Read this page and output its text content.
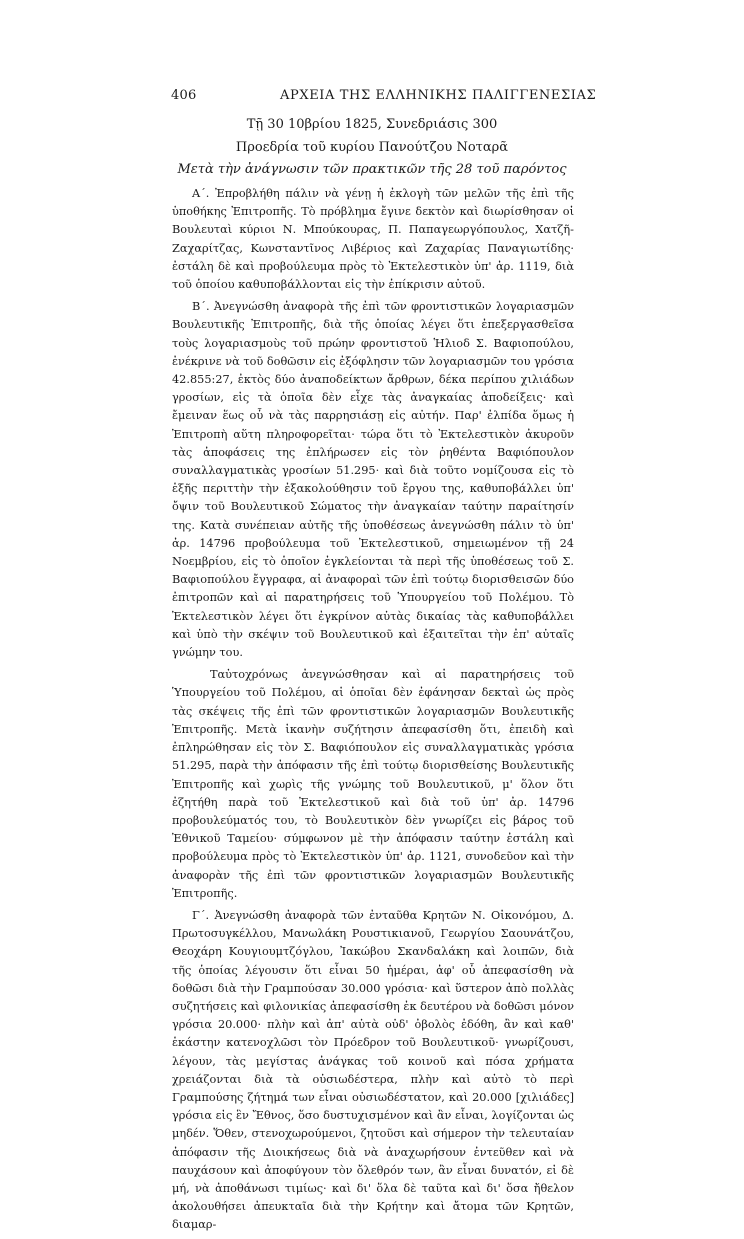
406	ΑΡΧΕΙΑ ΤΗΣ ΕΛΛΗΝΙΚΗΣ ΠΑΛΙΓΓΕΝΕΣΙΑΣ
Τῇ 30 10βρίου 1825, Συνεδριάσις 300
Προεδρία τοῦ κυρίου Πανούτζου Νοταρᾶ
Μετὰ τὴν ἀνάγνωσιν τῶν πρακτικῶν τῆς 28 τοῦ παρόντος

Α΄. Ἐπροβλήθη πάλιν νὰ γένῃ ἡ ἐκλογὴ τῶν μελῶν τῆς ἐπὶ τῆς ὑποθήκης Ἐπιτροπῆς. Τὸ πρόβλημα ἔγινε δεκτὸν καὶ διωρίσθησαν οἱ Βουλευταὶ κύριοι Ν. Μπούκουρας, Π. Παπαγεωργόπουλος, Χατζῆ-Ζαχαρίτζας, Κωνσταντῖνος Λιβέριος καὶ Ζαχαρίας Παναγιωτίδης· ἐστάλη δὲ καὶ προβούλευμα πρὸς τὸ Ἐκτελεστικὸν ὑπ' ἀρ. 1119, διὰ τοῦ ὁποίου καθυποβάλλονται εἰς τὴν ἐπίκρισιν αὐτοῦ.

Β΄. Ἀνεγνώσθη ἀναφορὰ τῆς ἐπὶ τῶν φροντιστικῶν λογαριασμῶν Βουλευτικῆς Ἐπιτροπῆς, διὰ τῆς ὁποίας λέγει ὅτι ἐπεξεργασθεῖσα τοὺς λογαριασμοὺς τοῦ πρώην φροντιστοῦ Ἡλιοδ Σ. Βαφιοπούλου, ἐνέκρινε νὰ τοῦ δοθῶσιν εἰς ἐξόφλησιν τῶν λογαριασμῶν του γρόσια 42.855:27, ἐκτὸς δύο ἀναποδείκτων ἄρθρων, δέκα περίπου χιλιάδων γροσίων, εἰς τὰ ὁποῖα δὲν εἶχε τὰς ἀναγκαίας ἀποδείξεις· καὶ ἔμειναν ἕως οὗ νὰ τὰς παρρησιάσῃ εἰς αὐτήν. Παρ' ἐλπίδα ὅμως ἡ Ἐπιτροπὴ αὕτη πληροφορεῖται· τώρα ὅτι τὸ Ἐκτελεστικὸν ἀκυροῦν τὰς ἀποφάσεις της ἐπλήρωσεν εἰς τὸν ῥηθέντα Βαφιόπουλον συναλλαγματικὰς γροσίων 51.295· καὶ διὰ τοῦτο νομίζουσα εἰς τὸ ἑξῆς περιττὴν τὴν ἐξακολούθησιν τοῦ ἔργου της, καθυποβάλλει ὑπ' ὄψιν τοῦ Βουλευτικοῦ Σώματος τὴν ἀναγκαίαν ταύτην παραίτησίν της. Κατὰ συνέπειαν αὐτῆς τῆς ὑποθέσεως ἀνεγνώσθη πάλιν τὸ ὑπ' ἀρ. 14796 προβούλευμα τοῦ Ἐκτελεστικοῦ, σημειωμένον τῇ 24 Νοεμβρίου, εἰς τὸ ὁποῖον ἐγκλείονται τὰ περὶ τῆς ὑποθέσεως τοῦ Σ. Βαφιοπούλου ἔγγραφα, αἱ ἀναφοραὶ τῶν ἐπὶ τούτῳ διορισθεισῶν δύο ἐπιτροπῶν καὶ αἱ παρατηρήσεις τοῦ Ὑπουργείου τοῦ Πολέμου. Τὸ Ἐκτελεστικὸν λέγει ὅτι ἐγκρίνον αὐτὰς δικαίας τὰς καθυποβάλλει καὶ ὑπὸ τὴν σκέψιν τοῦ Βουλευτικοῦ καὶ ἐξαιτεῖται τὴν ἐπ' αὐταῖς γνώμην του.

Ταὐτοχρόνως ἀνεγνώσθησαν καὶ αἱ παρατηρήσεις τοῦ Ὑπουργείου τοῦ Πολέμου, αἱ ὁποῖαι δὲν ἐφάνησαν δεκταὶ ὡς πρὸς τὰς σκέψεις τῆς ἐπὶ τῶν φροντιστικῶν λογαριασμῶν Βουλευτικῆς Ἐπιτροπῆς. Μετὰ ἱκανὴν συζήτησιν ἀπεφασίσθη ὅτι, ἐπειδὴ καὶ ἐπληρώθησαν εἰς τὸν Σ. Βαφιόπουλον εἰς συναλλαγματικὰς γρόσια 51.295, παρὰ τὴν ἀπόφασιν τῆς ἐπὶ τούτῳ διορισθείσης Βουλευτικῆς Ἐπιτροπῆς καὶ χωρὶς τῆς γνώμης τοῦ Βουλευτικοῦ, μ' ὅλον ὅτι ἐζητήθη παρὰ τοῦ Ἐκτελεστικοῦ καὶ διὰ τοῦ ὑπ' ἀρ. 14796 προβουλεύματός του, τὸ Βουλευτικὸν δὲν γνωρίζει εἰς βάρος τοῦ Ἐθνικοῦ Ταμείου· σύμφωνον μὲ τὴν ἀπόφασιν ταύτην ἐστάλη καὶ προβούλευμα πρὸς τὸ Ἐκτελεστικὸν ὑπ' ἀρ. 1121, συνοδεῦον καὶ τὴν ἀναφορὰν τῆς ἐπὶ τῶν φροντιστικῶν λογαριασμῶν Βουλευτικῆς Ἐπιτροπῆς.

Γ΄. Ἀνεγνώσθη ἀναφορὰ τῶν ἐνταῦθα Κρητῶν Ν. Οἰκονόμου, Δ. Πρωτοσυγκέλλου, Μανωλάκη Ρουστικιανοῦ, Γεωργίου Σαουνάτζου, Θεοχάρη Κουγιουμτζόγλου, Ἰακώβου Σκανδαλάκη καὶ λοιπῶν, διὰ τῆς ὁποίας λέγουσιν ὅτι εἶναι 50 ἡμέραι, ἀφ' οὗ ἀπεφασίσθη νὰ δοθῶσι διὰ τὴν Γραμπούσαν 30.000 γρόσια· καὶ ὕστερον ἀπὸ πολλὰς συζητήσεις καὶ φιλονικίας ἀπεφασίσθη ἐκ δευτέρου νὰ δοθῶσι μόνον γρόσια 20.000· πλὴν καὶ ἀπ' αὐτὰ οὐδ' ὀβολὸς ἐδόθη, ἂν καὶ καθ' ἑκάστην κατενοχλῶσι τὸν Πρόεδρον τοῦ Βουλευτικοῦ· γνωρίζουσι, λέγουν, τὰς μεγίστας ἀνάγκας τοῦ κοινοῦ καὶ πόσα χρήματα χρειάζονται διὰ τὰ οὐσιωδέστερα, πλὴν καὶ αὐτὸ τὸ περὶ Γραμπούσης ζήτημά των εἶναι οὐσιωδέστατον, καὶ 20.000 [χιλιάδες] γρόσια εἰς ἓν Ἔθνος, ὅσο δυστυχισμένον καὶ ἂν εἶναι, λογίζονται ὡς μηδέν. Ὅθεν, στενοχωρούμενοι, ζητοῦσι καὶ σήμερον τὴν τελευταίαν ἀπόφασιν τῆς Διοικήσεως διὰ νὰ ἀναχωρήσουν ἐντεῦθεν καὶ νὰ παυχάσουν καὶ ἀποφύγουν τὸν ὄλεθρόν των, ἂν εἶναι δυνατόν, εἰ δὲ μή, νὰ ἀποθάνωσι τιμίως· καὶ δι' ὅλα δὲ ταῦτα καὶ δι' ὅσα ἤθελον ἀκολουθήσει ἀπευκταῖα διὰ τὴν Κρήτην καὶ ἄτομα τῶν Κρητῶν, διαμαρ-
